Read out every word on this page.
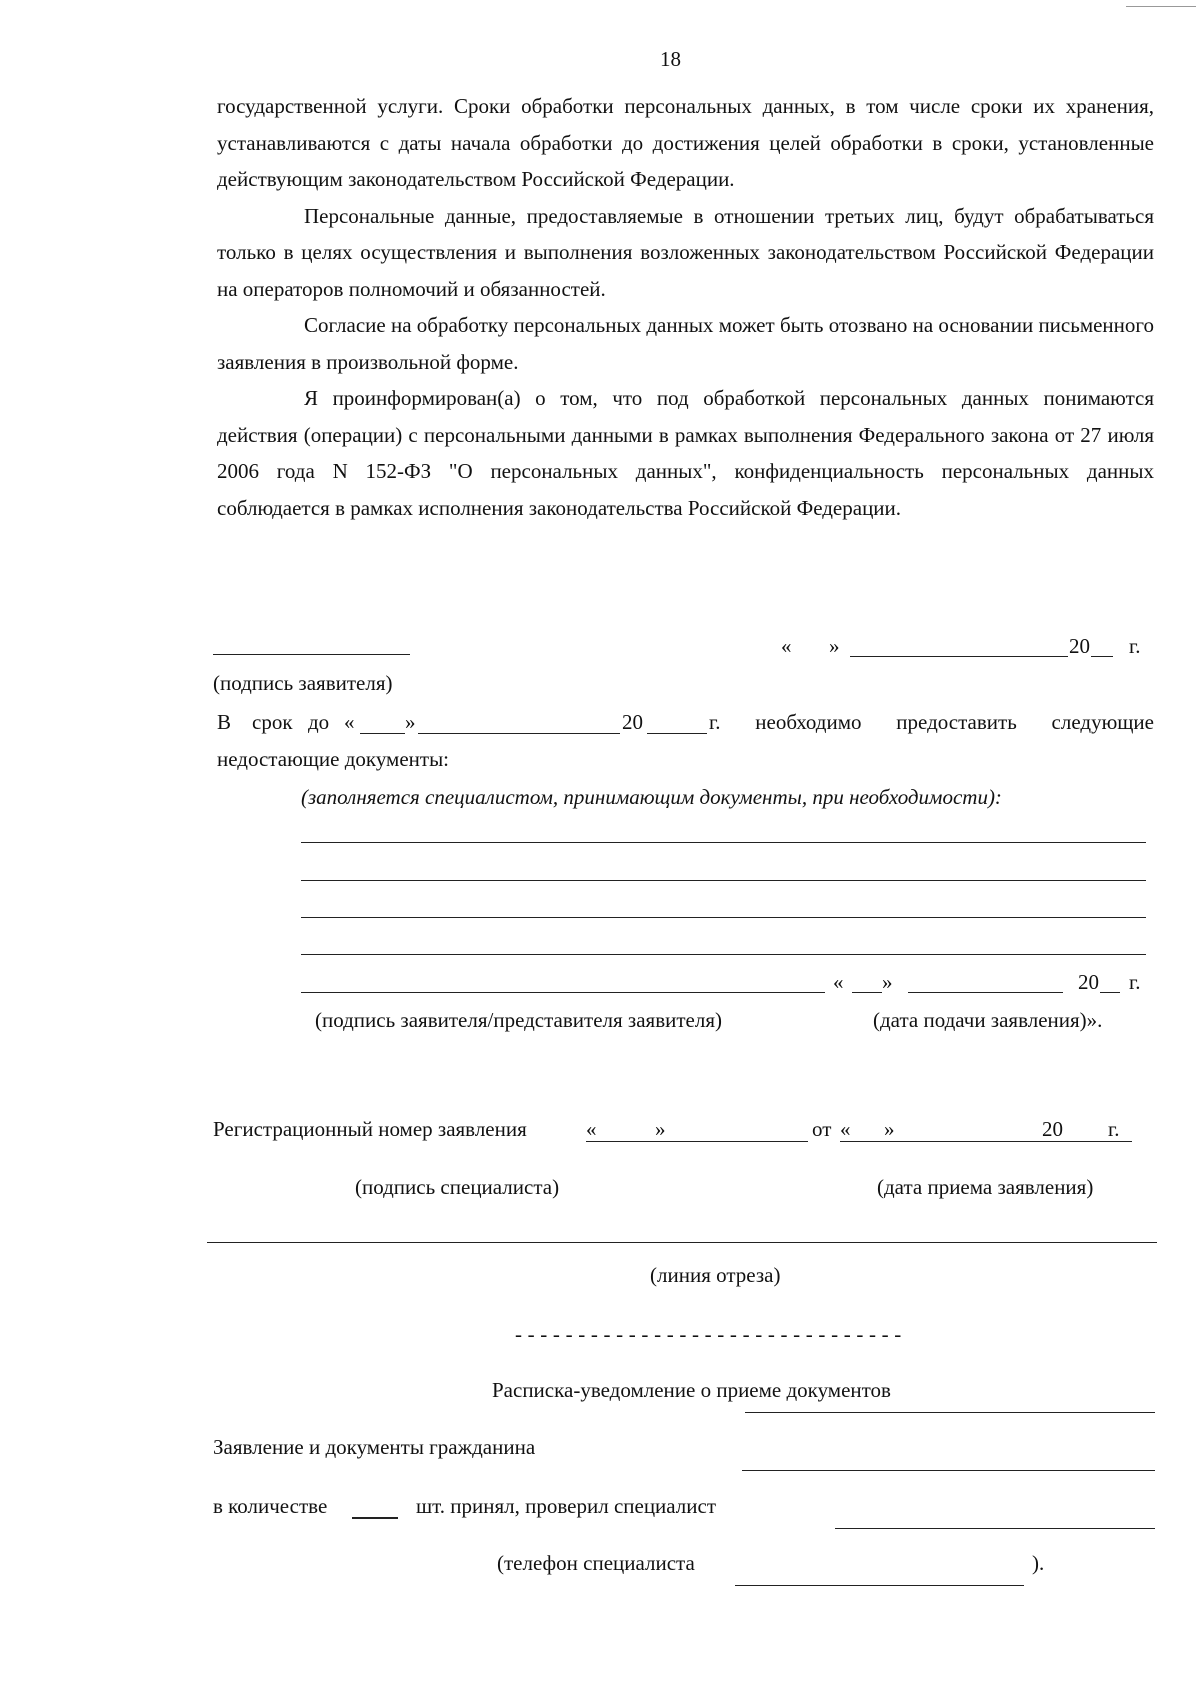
18

государственной услуги. Сроки обработки персональных данных, в том числе сроки их хранения, устанавливаются с даты начала обработки до достижения целей обработки в сроки, установленные действующим законодательством Российской Федерации.

Персональные данные, предоставляемые в отношении третьих лиц, будут обрабатываться только в целях осуществления и выполнения возложенных законодательством Российской Федерации на операторов полномочий и обязанностей.

Согласие на обработку персональных данных может быть отозвано на основании письменного заявления в произвольной форме.

Я проинформирован(а) о том, что под обработкой персональных данных понимаются действия (операции) с персональными данными в рамках выполнения Федерального закона от 27 июля 2006 года N 152-ФЗ "О персональных данных", конфиденциальность персональных данных соблюдается в рамках исполнения законодательства Российской Федерации.

« »	20 г.
(подпись заявителя)
В срок до « »	20	г. необходимо предоставить следующие
недостающие документы:
(заполняется специалистом, принимающим документы, при необходимости):
« »	20 г.
(подпись заявителя/представителя заявителя)	(дата подачи заявления)».
Регистрационный номер заявления	«	»	от « »	20 г.
(подпись специалиста)	(дата приема заявления)
(линия отреза)
- - - - - - - - - - - - - - - - - - - - - - - - - - - - - - -
Расписка-уведомление о приеме документов
Заявление и документы гражданина
в количестве	шт. принял, проверил специалист
(телефон специалиста	).
